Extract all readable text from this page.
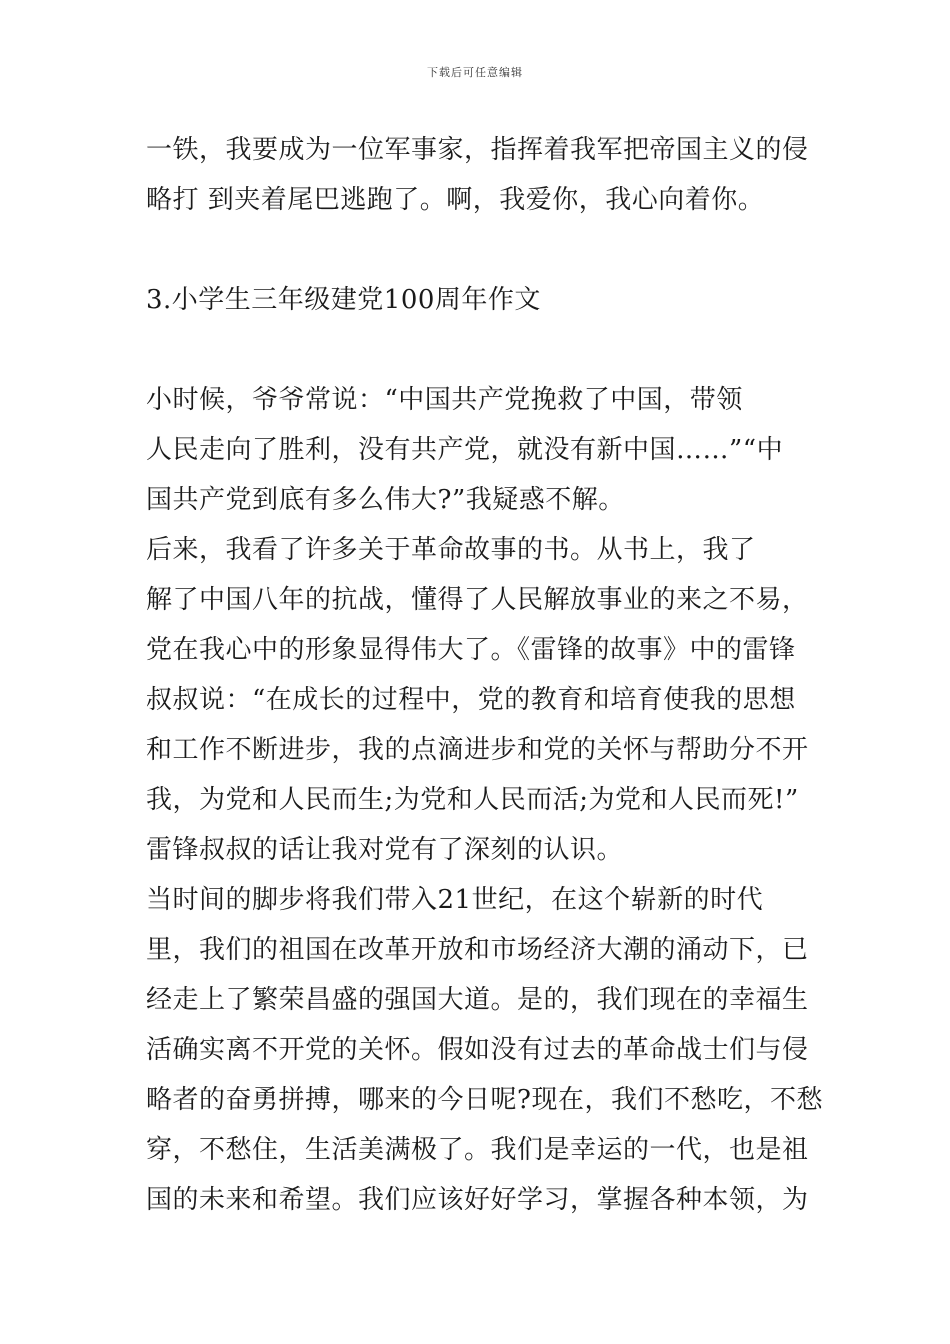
下载后可任意编辑
一铁，我要成为一位军事家，指挥着我军把帝国主义的侵
略打 到夹着尾巴逃跑了。啊，我爱你，我心向着你。
3.小学生三年级建党100周年作文
小时候，爷爷常说：“中国共产党挽救了中国，带领
人民走向了胜利，没有共产党，就没有新中国……”“中
国共产党到底有多么伟大?”我疑惑不解。
后来，我看了许多关于革命故事的书。从书上，我了
解了中国八年的抗战，懂得了人民解放事业的来之不易，
党在我心中的形象显得伟大了。《雷锋的故事》中的雷锋
叔叔说：“在成长的过程中，党的教育和培育使我的思想
和工作不断进步，我的点滴进步和党的关怀与帮助分不开
我，为党和人民而生;为党和人民而活;为党和人民而死!”
雷锋叔叔的话让我对党有了深刻的认识。
当时间的脚步将我们带入21世纪，在这个崭新的时代
里，我们的祖国在改革开放和市场经济大潮的涌动下，已
经走上了繁荣昌盛的强国大道。是的，我们现在的幸福生
活确实离不开党的关怀。假如没有过去的革命战士们与侵
略者的奋勇拼搏，哪来的今日呢?现在，我们不愁吃，不愁
穿，不愁住，生活美满极了。我们是幸运的一代，也是祖
国的未来和希望。我们应该好好学习，掌握各种本领，为
